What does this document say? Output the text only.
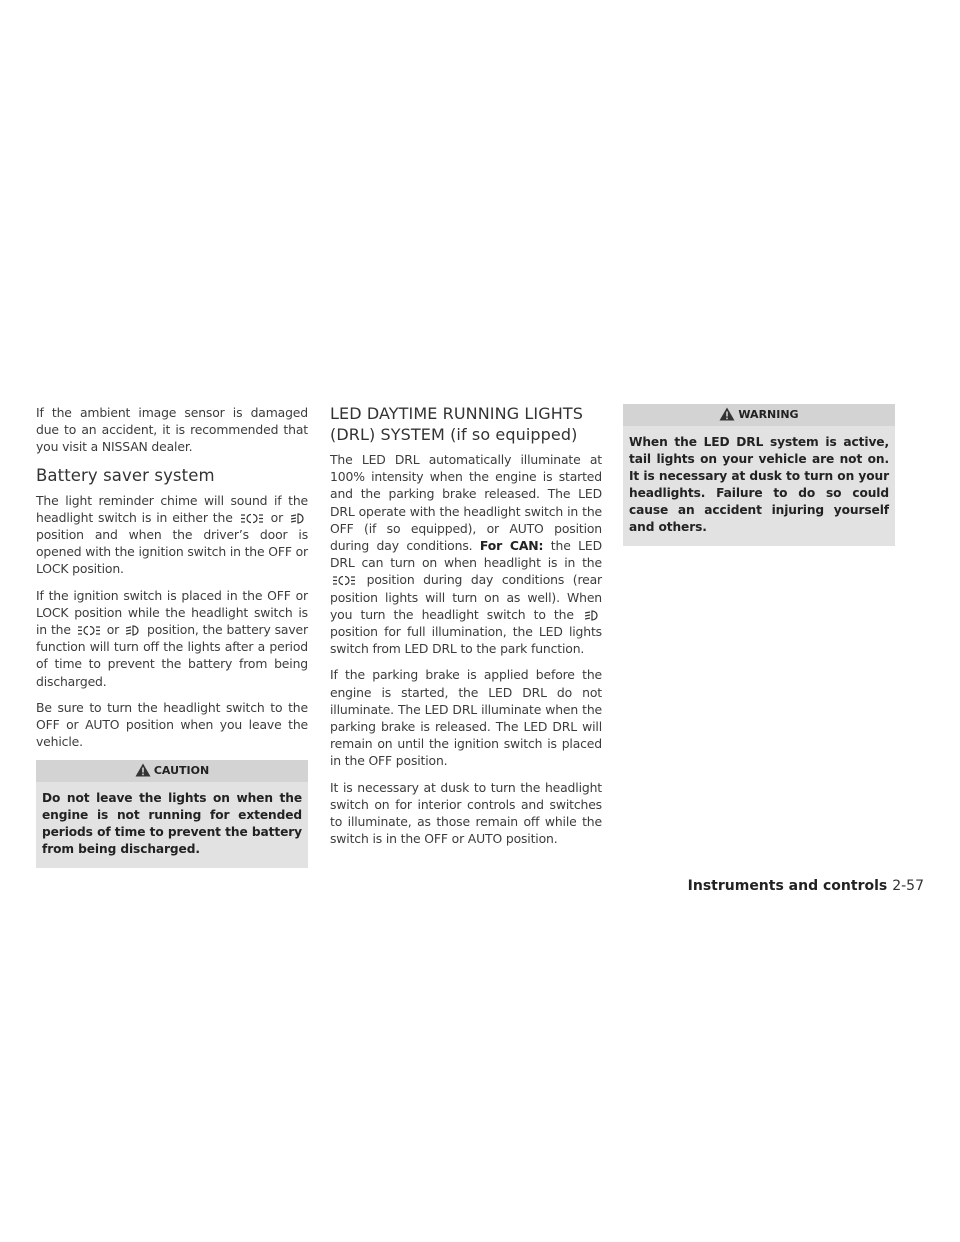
If the ambient image sensor is damaged due to an accident, it is recommended that you visit a NISSAN dealer.

Battery saver system

The light reminder chime will sound if the headlight switch is in either the	or
position and when the driver’s door is opened with the ignition switch in the OFF or LOCK position.

If the ignition switch is placed in the OFF or LOCK position while the headlight switch is in the	or position, the battery saver function will turn off the lights after a period of time to prevent the battery from being discharged.

Be sure to turn the headlight switch to the OFF or AUTO position when you leave the vehicle.

CAUTION
Do not leave the lights on when the engine is not running for extended periods of time to prevent the battery from being discharged.
LED DAYTIME RUNNING LIGHTS (DRL) SYSTEM (if so equipped)

The LED DRL automatically illuminate at 100% intensity when the engine is started and the parking brake released. The LED DRL operate with the headlight switch in the OFF (if so equipped), or AUTO position during day conditions. For CAN: the LED DRL can turn on when headlight is in the
position during day conditions (rear position lights will turn on as well). When you turn the headlight switch to the
position for full illumination, the LED lights switch from LED DRL to the park function.

If the parking brake is applied before the engine is started, the LED DRL do not illuminate. The LED DRL illuminate when the parking brake is released. The LED DRL will remain on until the ignition switch is placed in the OFF position.

It is necessary at dusk to turn the headlight switch on for interior controls and switches to illuminate, as those remain off while the switch is in the OFF or AUTO position.

WARNING
When the LED DRL system is active, tail lights on your vehicle are not on. It is necessary at dusk to turn on your headlights. Failure to do so could cause an accident injuring yourself and others.
Instruments and controls 2-57
